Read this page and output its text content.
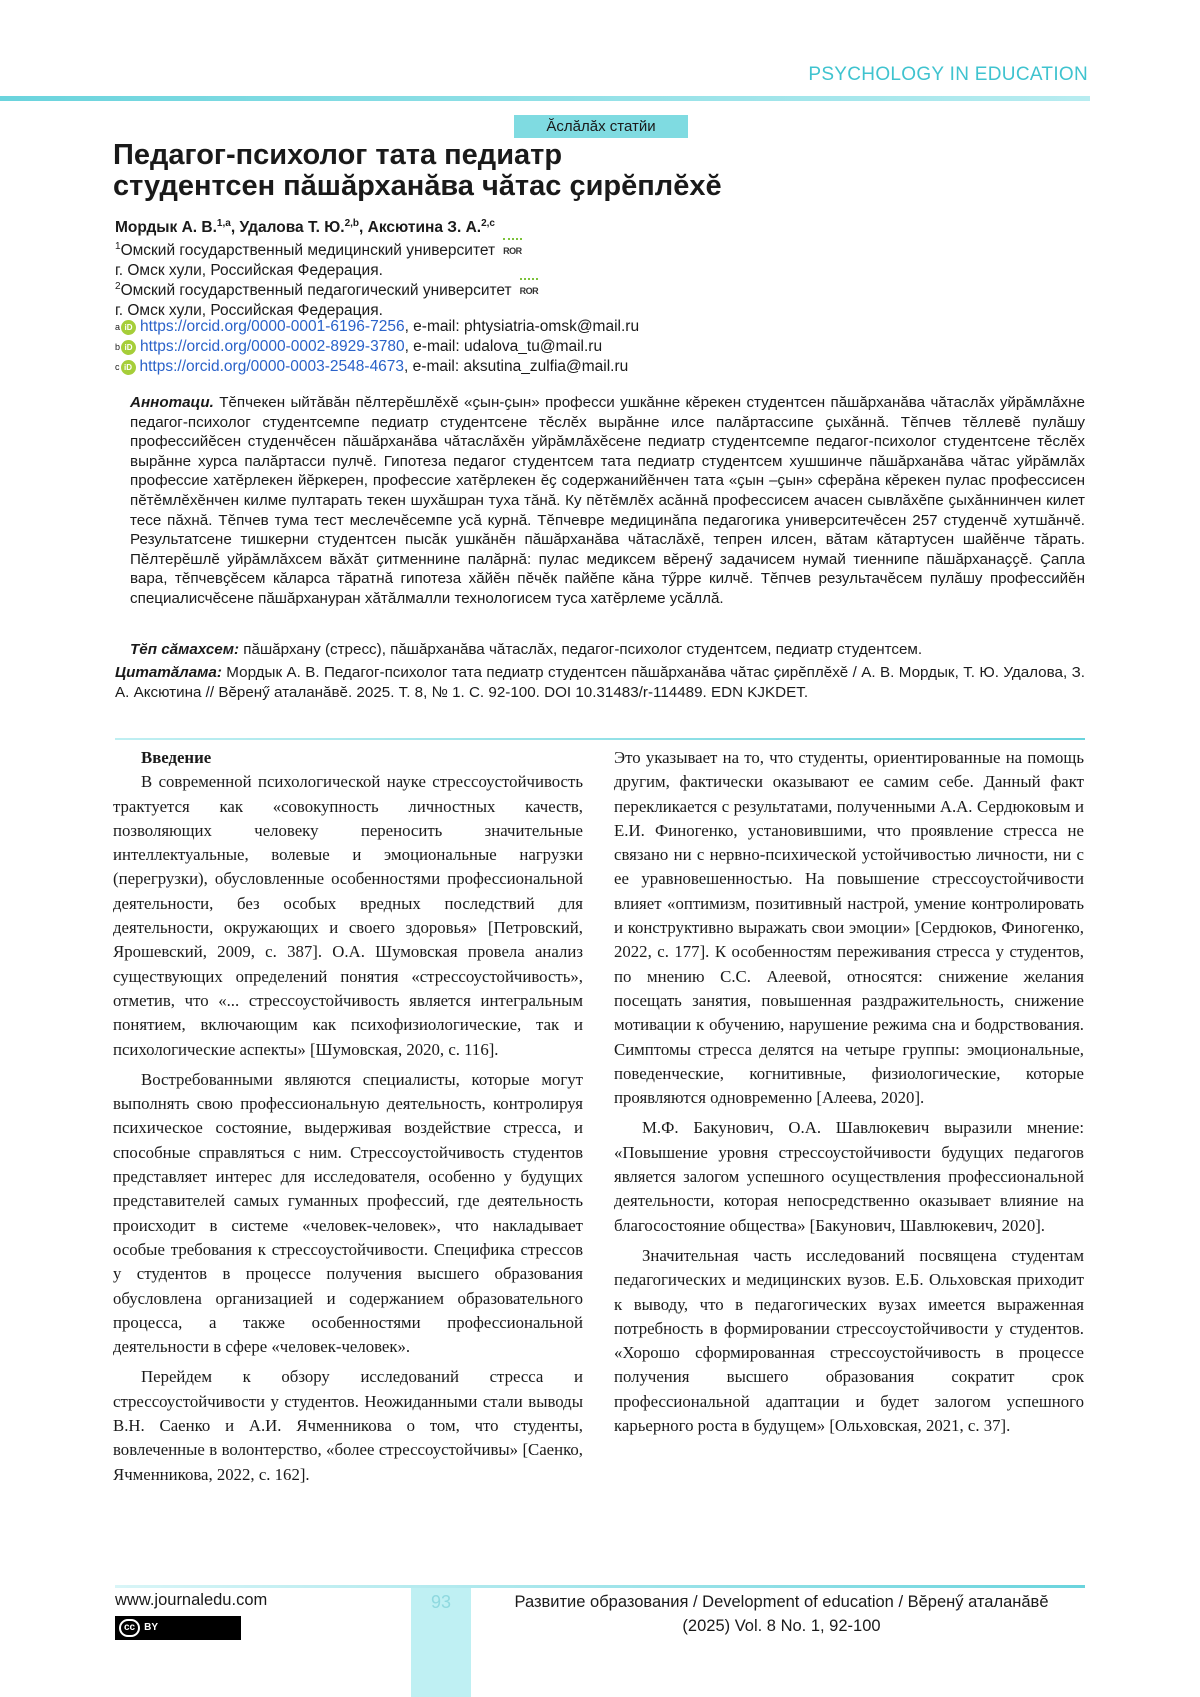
PSYCHOLOGY IN EDUCATION
Ăслăлăх статйи
Педагог-психолог тата педиатр
студентсен пăшăрханăва чăтас ҫирĕплĕхĕ
Мордык А. В.$^{1,a}$, Удалова Т. Ю.$^{2,b}$, Аксютина З. А.$^{2,c}$
$^1$Омский государственный медицинский университет ROR
г. Омск хули, Российская Федерация.
$^2$Омский государственный педагогический университет ROR
г. Омск хули, Российская Федерация.
a iD https://orcid.org/0000-0001-6196-7256 , e-mail: phtysiatria-omsk@mail.ru
b iD https://orcid.org/0000-0002-8929-3780 , e-mail: udalova_tu@mail.ru
c iD https://orcid.org/0000-0003-2548-4673 , e-mail: aksutina_zulfia@mail.ru
Аннотаци. Тĕпчекен ыйтăвăн пĕлтерĕшлĕхĕ «ҫын-ҫын» професси ушкăнне кĕрекен студентсен пăшăрханăва чăтаслăх уйрăмлăхне педагог-психолог студентсемпе педиатр студентсене тĕслĕх вырăнне илсе палăртассипе ҫыхăннă. Тĕпчев тĕллевĕ пулăшу профессийĕсен студенчĕсен пăшăрханăва чăтаслăхĕн уйрăмлăхĕсене педиатр студентсемпе педагог-психолог студентсене тĕслĕх вырăнне хурса палăртасси пулчĕ. Гипотеза педагог студентсем тата педиатр студентсем хушшинче пăшăрханăва чăтас уйрăмлăх профессие хатĕрлекен йĕркерен, профессие хатĕрлекен ĕҫ содержанийĕнчен тата «ҫын –ҫын» сферăна кĕрекен пулас профессисен пĕтĕмлĕхĕнчен килме пултарать текен шухăшран туха тăнă. Ку пĕтĕмлĕх асăннă профессисем ачасен сывлăхĕпе ҫыхăннинчен килет тесе пăхнă. Тĕпчев тума тест меслечĕсемпе усă курнă. Тĕпчевре медицинăпа педагогика университечĕсен 257 студенчĕ хутшăнчĕ. Результатсене тишкерни студентсен пысăк ушкăнĕн пăшăрханăва чăтаслăхĕ, тепрен илсен, вăтам кăтартусен шайĕнче тăрать. Пĕлтерĕшлĕ уйрăмлăхсем вăхăт ҫитменнине палăрнă: пулас медиксем вĕренӳ задачисем нумай тиеннипе пăшăрханаҫҫĕ. Ҫапла вара, тĕпчевҫĕсем кăларса тăратнă гипотеза хăйĕн пĕчĕк пайĕпе кăна тӳрре килчĕ. Тĕпчев результачĕсем пулăшу профессийĕн специалисчĕсене пăшăрхануран хăтăлмалли технологисем туса хатĕрлеме усăллă.
Тĕп сăмахсем: пăшăрхану (стресс), пăшăрханăва чăтаслăх, педагог-психолог студентсем, педиатр студентсем.
Цитатăлама: Мордык А. В. Педагог-психолог тата педиатр студентсен пăшăрханăва чăтас ҫирĕплĕхĕ / А. В. Мордык, Т. Ю. Удалова, З. А. Аксютина // Вĕренӳ аталанăвĕ. 2025. Т. 8, № 1. С. 92-100. DOI 10.31483/r-114489. EDN KJKDET.

Введение

В современной психологической науке стрессоустойчивость трактуется как «совокупность личностных качеств, позволяющих человеку переносить значительные интеллектуальные, волевые и эмоциональные нагрузки (перегрузки), обусловленные особенностями профессиональной деятельности, без особых вредных последствий для деятельности, окружающих и своего здоровья» [Петровский, Ярошевский, 2009, с. 387]. О.А. Шумовская провела анализ существующих определений понятия «стрессоустойчивость», отметив, что «... стрессоустойчивость является интегральным понятием, включающим как психофизиологические, так и психологические аспекты» [Шумовская, 2020, с. 116].

Востребованными являются специалисты, которые могут выполнять свою профессиональную деятельность, контролируя психическое состояние, выдерживая воздействие стресса, и способные справляться с ним. Стрессоустойчивость студентов представляет интерес для исследователя, особенно у будущих представителей самых гуманных профессий, где деятельность происходит в системе «человек-человек», что накладывает особые требования к стрессоустойчивости. Специфика стрессов у студентов в процессе получения высшего образования обусловлена организацией и содержанием образовательного процесса, а также особенностями профессиональной деятельности в сфере «человек-человек».

Перейдем к обзору исследований стресса и стрессоустойчивости у студентов. Неожиданными стали выводы В.Н. Саенко и А.И. Ячменникова о том, что студенты, вовлеченные в волонтерство, «более стрессоустойчивы» [Саенко, Ячменникова, 2022, с. 162].

Это указывает на то, что студенты, ориентированные на помощь другим, фактически оказывают ее самим себе. Данный факт перекликается с результатами, полученными А.А. Сердюковым и Е.И. Финогенко, установившими, что проявление стресса не связано ни с нервно-психической устойчивостью личности, ни с ее уравновешенностью. На повышение стрессоустойчивости влияет «оптимизм, позитивный настрой, умение контролировать и конструктивно выражать свои эмоции» [Сердюков, Финогенко, 2022, с. 177]. К особенностям переживания стресса у студентов, по мнению С.С. Алеевой, относятся: снижение желания посещать занятия, повышенная раздражительность, снижение мотивации к обучению, нарушение режима сна и бодрствования. Симптомы стресса делятся на четыре группы: эмоциональные, поведенческие, когнитивные, физиологические, которые проявляются одновременно [Алеева, 2020].

М.Ф. Бакунович, О.А. Шавлюкевич выразили мнение: «Повышение уровня стрессоустойчивости будущих педагогов является залогом успешного осуществления профессиональной деятельности, которая непосредственно оказывает влияние на благосостояние общества» [Бакунович, Шавлюкевич, 2020].

Значительная часть исследований посвящена студентам педагогических и медицинских вузов. Е.Б. Ольховская приходит к выводу, что в педагогических вузах имеется выраженная потребность в формировании стрессоустойчивости у студентов. «Хорошо сформированная стрессоустойчивость в процессе получения высшего образования сократит срок профессиональной адаптации и будет залогом успешного карьерного роста в будущем» [Ольховская, 2021, с. 37].

93
www.journaledu.com
cc BY
Развитие образования / Development of education / Вĕренӳ аталанăвĕ
(2025) Vol. 8 No. 1, 92-100
